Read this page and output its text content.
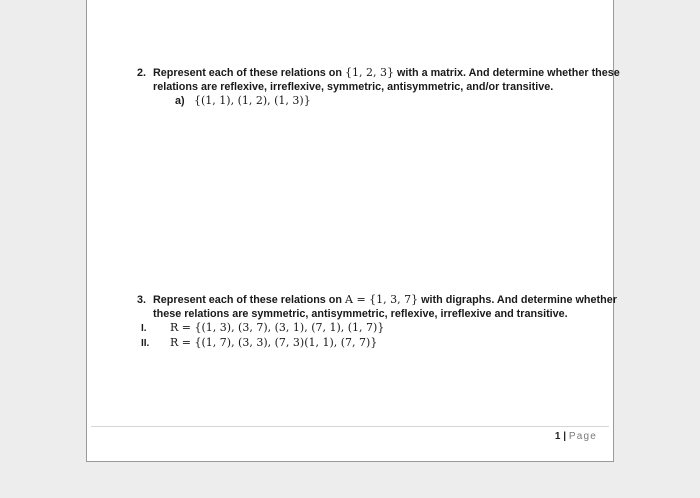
2. Represent each of these relations on {1, 2, 3} with a matrix. And determine whether these
relations are reflexive, irreflexive, symmetric, antisymmetric, and/or transitive.
a) {(1, 1), (1, 2), (1, 3)}
3. Represent each of these relations on A = {1, 3, 7} with digraphs. And determine whether
these relations are symmetric, antisymmetric, reflexive, irreflexive and transitive.
I. R = {(1, 3), (3, 7), (3, 1), (7, 1), (1, 7)}
II. R = {(1, 7), (3, 3), (7, 3)(1, 1), (7, 7)}
1 | Page
